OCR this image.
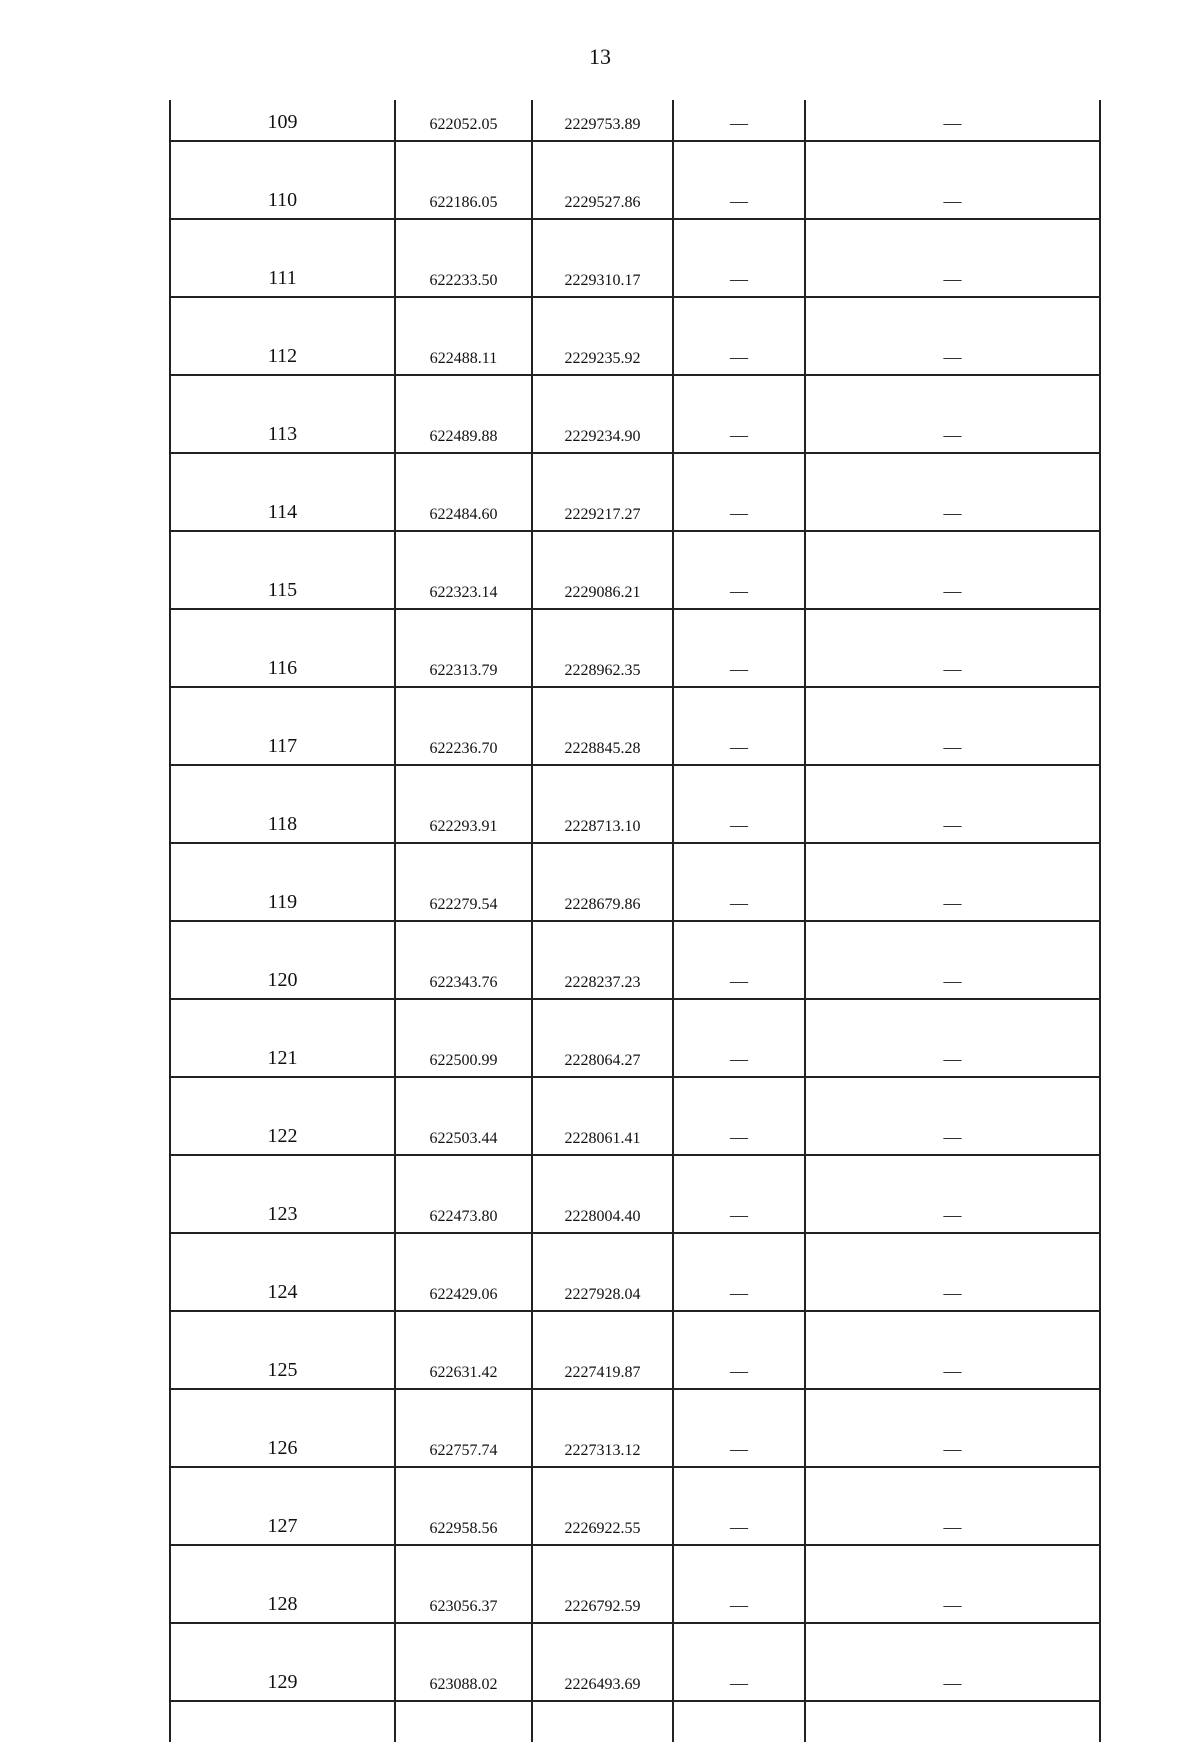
13
109	622052.05	2229753.89	—	—
110	622186.05	2229527.86	—	—
111	622233.50	2229310.17	—	—
112	622488.11	2229235.92	—	—
113	622489.88	2229234.90	—	—
114	622484.60	2229217.27	—	—
115	622323.14	2229086.21	—	—
116	622313.79	2228962.35	—	—
117	622236.70	2228845.28	—	—
118	622293.91	2228713.10	—	—
119	622279.54	2228679.86	—	—
120	622343.76	2228237.23	—	—
121	622500.99	2228064.27	—	—
122	622503.44	2228061.41	—	—
123	622473.80	2228004.40	—	—
124	622429.06	2227928.04	—	—
125	622631.42	2227419.87	—	—
126	622757.74	2227313.12	—	—
127	622958.56	2226922.55	—	—
128	623056.37	2226792.59	—	—
129	623088.02	2226493.69	—	—
